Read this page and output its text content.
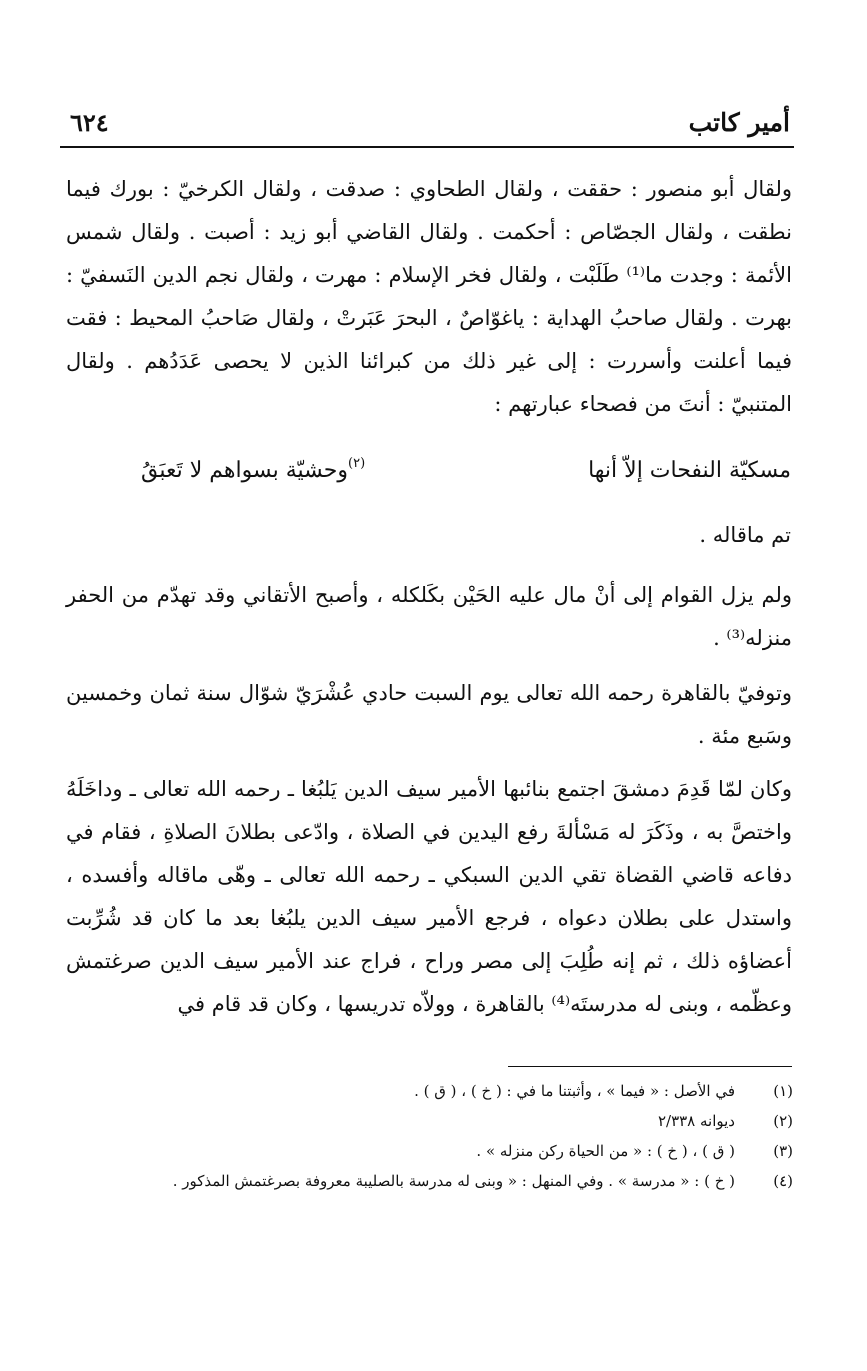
أمير كاتب
٦٢٤
ولقال أبو منصور : حققت ، ولقال الطحاوي : صدقت ، ولقال الكرخيّ : بورك فيما نطقت ، ولقال الجصّاص : أحكمت . ولقال القاضي أبو زيد : أصبت . ولقال شمس الأئمة : وجدت ما⁽¹⁾ طَلَبْت ، ولقال فخر الإسلام : مهرت ، ولقال نجم الدين النَسفيّ : بهرت . ولقال صاحبُ الهداية : ياغوّاصٌ ، البحرَ عَبَرتْ ، ولقال صَاحبُ المحيط : فقت فيما أعلنت وأسررت : إلى غير ذلك من كبرائنا الذين لا يحصى عَدَدُهم . ولقال المتنبيّ : أنتَ من فصحاء عبارتهم :
مسكيّة النفحات إلاّ أنها
$^{(٢)}$وحشيّة بسواهم لا تَعبَقُ
تم ماقاله .
ولم يزل القوام إلى أنْ مال عليه الحَيْن بكَلكله ، وأصبح الأتقاني وقد تهدّم من الحفر منزله⁽³⁾ .
وتوفيّ بالقاهرة رحمه الله تعالى يوم السبت حادي عُشْرَيّ شوّال سنة ثمان وخمسين وسَبع مئة .
وكان لمّا قَدِمَ دمشقَ اجتمع بنائبها الأمير سيف الدين يَلبُغا ـ رحمه الله تعالى ـ وداخَلَهُ واختصَّ به ، وذَكَرَ له مَسْألةَ رفع اليدين في الصلاة ، وادّعى بطلانَ الصلاةِ ، فقام في دفاعه قاضي القضاة تقي الدين السبكي ـ رحمه الله تعالى ـ وهّى ماقاله وأفسده ، واستدل على بطلان دعواه ، فرجع الأمير سيف الدين يلبُغا بعد ما كان قد شُرِّبت أعضاؤه ذلك ، ثم إنه طُلِبَ إلى مصر وراح ، فراج عند الأمير سيف الدين صرغتمش وعظّمه ، وبنى له مدرستَه⁽⁴⁾ بالقاهرة ، وولاّه تدريسها ، وكان قد قام في
(١)
في الأصل : « فيما » ، وأثبتنا ما في : ( خ ) ، ( ق ) .
(٢)
ديوانه ٢/٣٣٨
(٣)
( ق ) ، ( خ ) : « من الحياة ركن منزله » .
(٤)
( خ ) : « مدرسة » . وفي المنهل : « وبنى له مدرسة بالصليبة معروفة بصرغتمش المذكور .
